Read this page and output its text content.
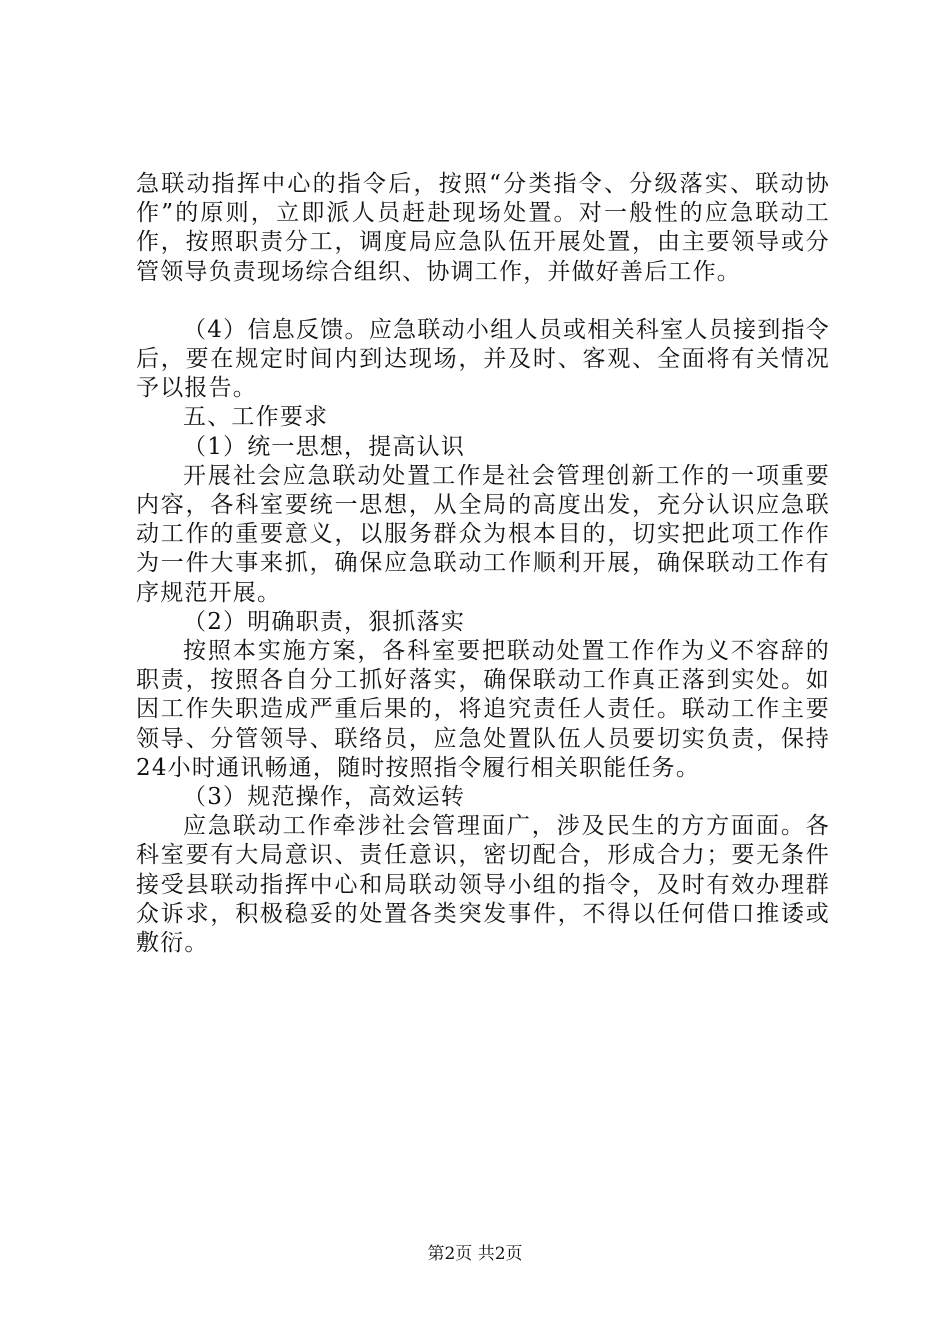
急联动指挥中心的指令后，按照“分类指令、分级落实、联动协作”的原则，立即派人员赶赴现场处置。对一般性的应急联动工作，按照职责分工，调度局应急队伍开展处置，由主要领导或分管领导负责现场综合组织、协调工作，并做好善后工作。

（4）信息反馈。应急联动小组人员或相关科室人员接到指令后，要在规定时间内到达现场，并及时、客观、全面将有关情况予以报告。

五、工作要求

（1）统一思想，提高认识

开展社会应急联动处置工作是社会管理创新工作的一项重要内容，各科室要统一思想，从全局的高度出发，充分认识应急联动工作的重要意义，以服务群众为根本目的，切实把此项工作作为一件大事来抓，确保应急联动工作顺利开展，确保联动工作有序规范开展。

（2）明确职责，狠抓落实

按照本实施方案，各科室要把联动处置工作作为义不容辞的职责，按照各自分工抓好落实，确保联动工作真正落到实处。如因工作失职造成严重后果的，将追究责任人责任。联动工作主要领导、分管领导、联络员，应急处置队伍人员要切实负责，保持24小时通讯畅通，随时按照指令履行相关职能任务。

（3）规范操作，高效运转

应急联动工作牵涉社会管理面广，涉及民生的方方面面。各科室要有大局意识、责任意识，密切配合，形成合力；要无条件接受县联动指挥中心和局联动领导小组的指令，及时有效办理群众诉求，积极稳妥的处置各类突发事件，不得以任何借口推诿或敷衍。

第2页 共2页
